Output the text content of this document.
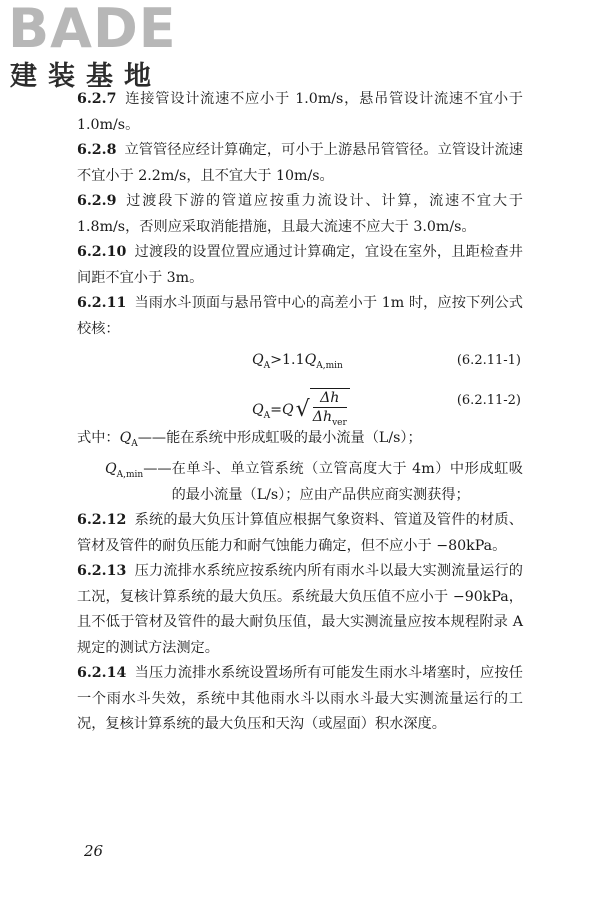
BADE
建装基地

6.2.7 连接管设计流速不应小于 1.0m/s，悬吊管设计流速不宜小于 1.0m/s。

6.2.8 立管管径应经计算确定，可小于上游悬吊管管径。立管设计流速不宜小于 2.2m/s，且不宜大于 10m/s。

6.2.9 过渡段下游的管道应按重力流设计、计算，流速不宜大于 1.8m/s，否则应采取消能措施，且最大流速不应大于 3.0m/s。

6.2.10 过渡段的设置位置应通过计算确定，宜设在室外，且距检查井间距不宜小于 3m。

6.2.11 当雨水斗顶面与悬吊管中心的高差小于 1m 时，应按下列公式校核：

$Q_A>1.1Q_{A,min}$	(6.2.11-1)
$Q_A=Q√ \frac{\Delta h}{\Delta h_{ver}}$	(6.2.11-2)
式中： $Q_A$ —— 能在系统中形成虹吸的最小流量（L/s）；
$Q_{A,min}$ —— 在单斗、单立管系统（立管高度大于 4m）中形成虹吸的最小流量（L/s）；应由产品供应商实测获得；

6.2.12 系统的最大负压计算值应根据气象资料、管道及管件的材质、管材及管件的耐负压能力和耐气蚀能力确定，但不应小于 −80kPa。

6.2.13 压力流排水系统应按系统内所有雨水斗以最大实测流量运行的工况，复核计算系统的最大负压。系统最大负压值不应小于 −90kPa，且不低于管材及管件的最大耐负压值，最大实测流量应按本规程附录 A 规定的测试方法测定。

6.2.14 当压力流排水系统设置场所有可能发生雨水斗堵塞时，应按任一个雨水斗失效，系统中其他雨水斗以雨水斗最大实测流量运行的工况，复核计算系统的最大负压和天沟（或屋面）积水深度。

26
